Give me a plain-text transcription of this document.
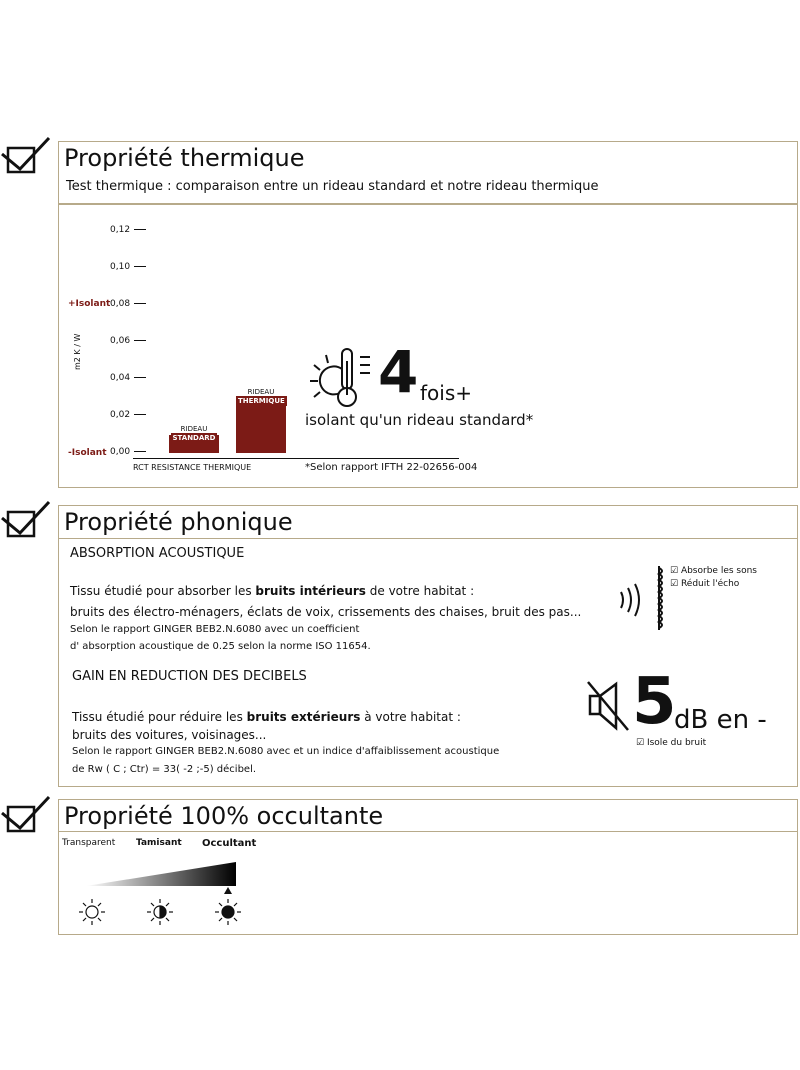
Propriété thermique
Test thermique : comparaison entre un rideau standard et notre rideau thermique
+Isolant
-Isolant
m2 K / W
RCT RESISTANCE THERMIQUE
0,00
0,02
0,04
0,06
0,08
0,10
0,12
RIDEAU
STANDARD
RIDEAU
THERMIQUE 4 fois+
isolant qu'un rideau standard*
*Selon rapport IFTH 22-02656-004
Propriété phonique
ABSORPTION ACOUSTIQUE
Tissu étudié pour absorber les bruits intérieurs de votre habitat :
bruits des électro-ménagers, éclats de voix, crissements des chaises, bruit des pas...
Selon le rapport GINGER BEB2.N.6080 avec un coefficient
d' absorption acoustique de 0.25 selon la norme ISO 11654.
☑ Absorbe les sons
☑ Réduit l'écho
GAIN EN REDUCTION DES DECIBELS
Tissu étudié pour réduire les bruits extérieurs à votre habitat :
bruits des voitures, voisinages...
Selon le rapport GINGER BEB2.N.6080 avec et un indice d'affaiblissement acoustique
de Rw ( C ; Ctr) = 33( -2 ;-5) décibel.
5
dB en -
☑ Isole du bruit
Propriété 100% occultante
Transparent Tamisant Occultant
